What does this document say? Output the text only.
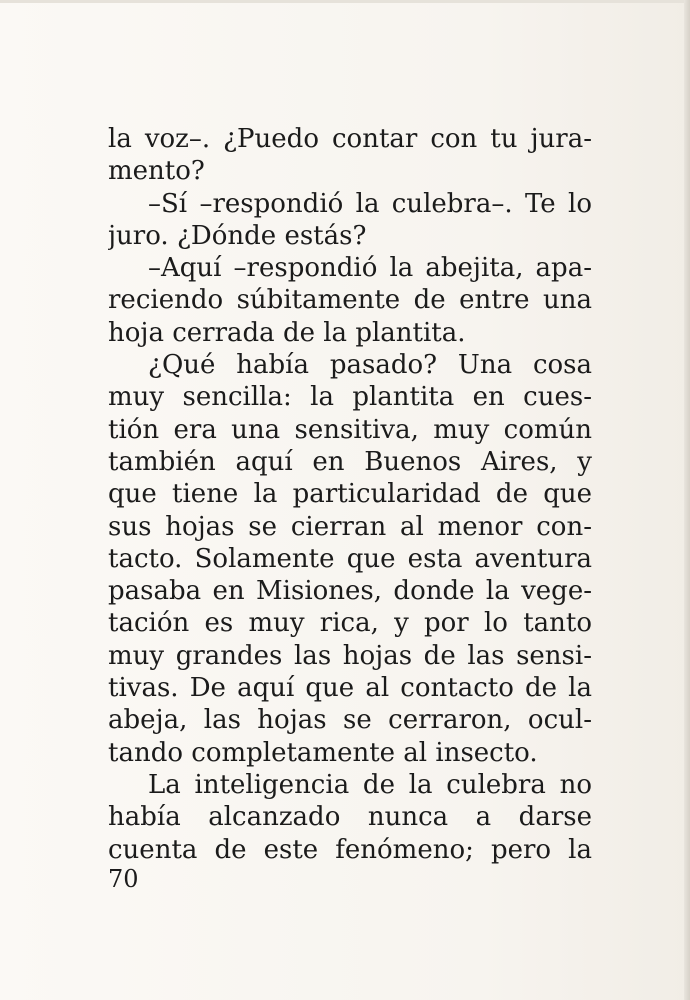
la voz–. ¿Puedo contar con tu jura-
mento?
–Sí –respondió la culebra–. Te lo
juro. ¿Dónde estás?
–Aquí –respondió la abejita, apa-
reciendo súbitamente de entre una
hoja cerrada de la plantita.
¿Qué había pasado? Una cosa
muy sencilla: la plantita en cues-
tión era una sensitiva, muy común
también aquí en Buenos Aires, y
que tiene la particularidad de que
sus hojas se cierran al menor con-
tacto. Solamente que esta aventura
pasaba en Misiones, donde la vege-
tación es muy rica, y por lo tanto
muy grandes las hojas de las sensi-
tivas. De aquí que al contacto de la
abeja, las hojas se cerraron, ocul-
tando completamente al insecto.
La inteligencia de la culebra no
había alcanzado nunca a darse
cuenta de este fenómeno; pero la
70
